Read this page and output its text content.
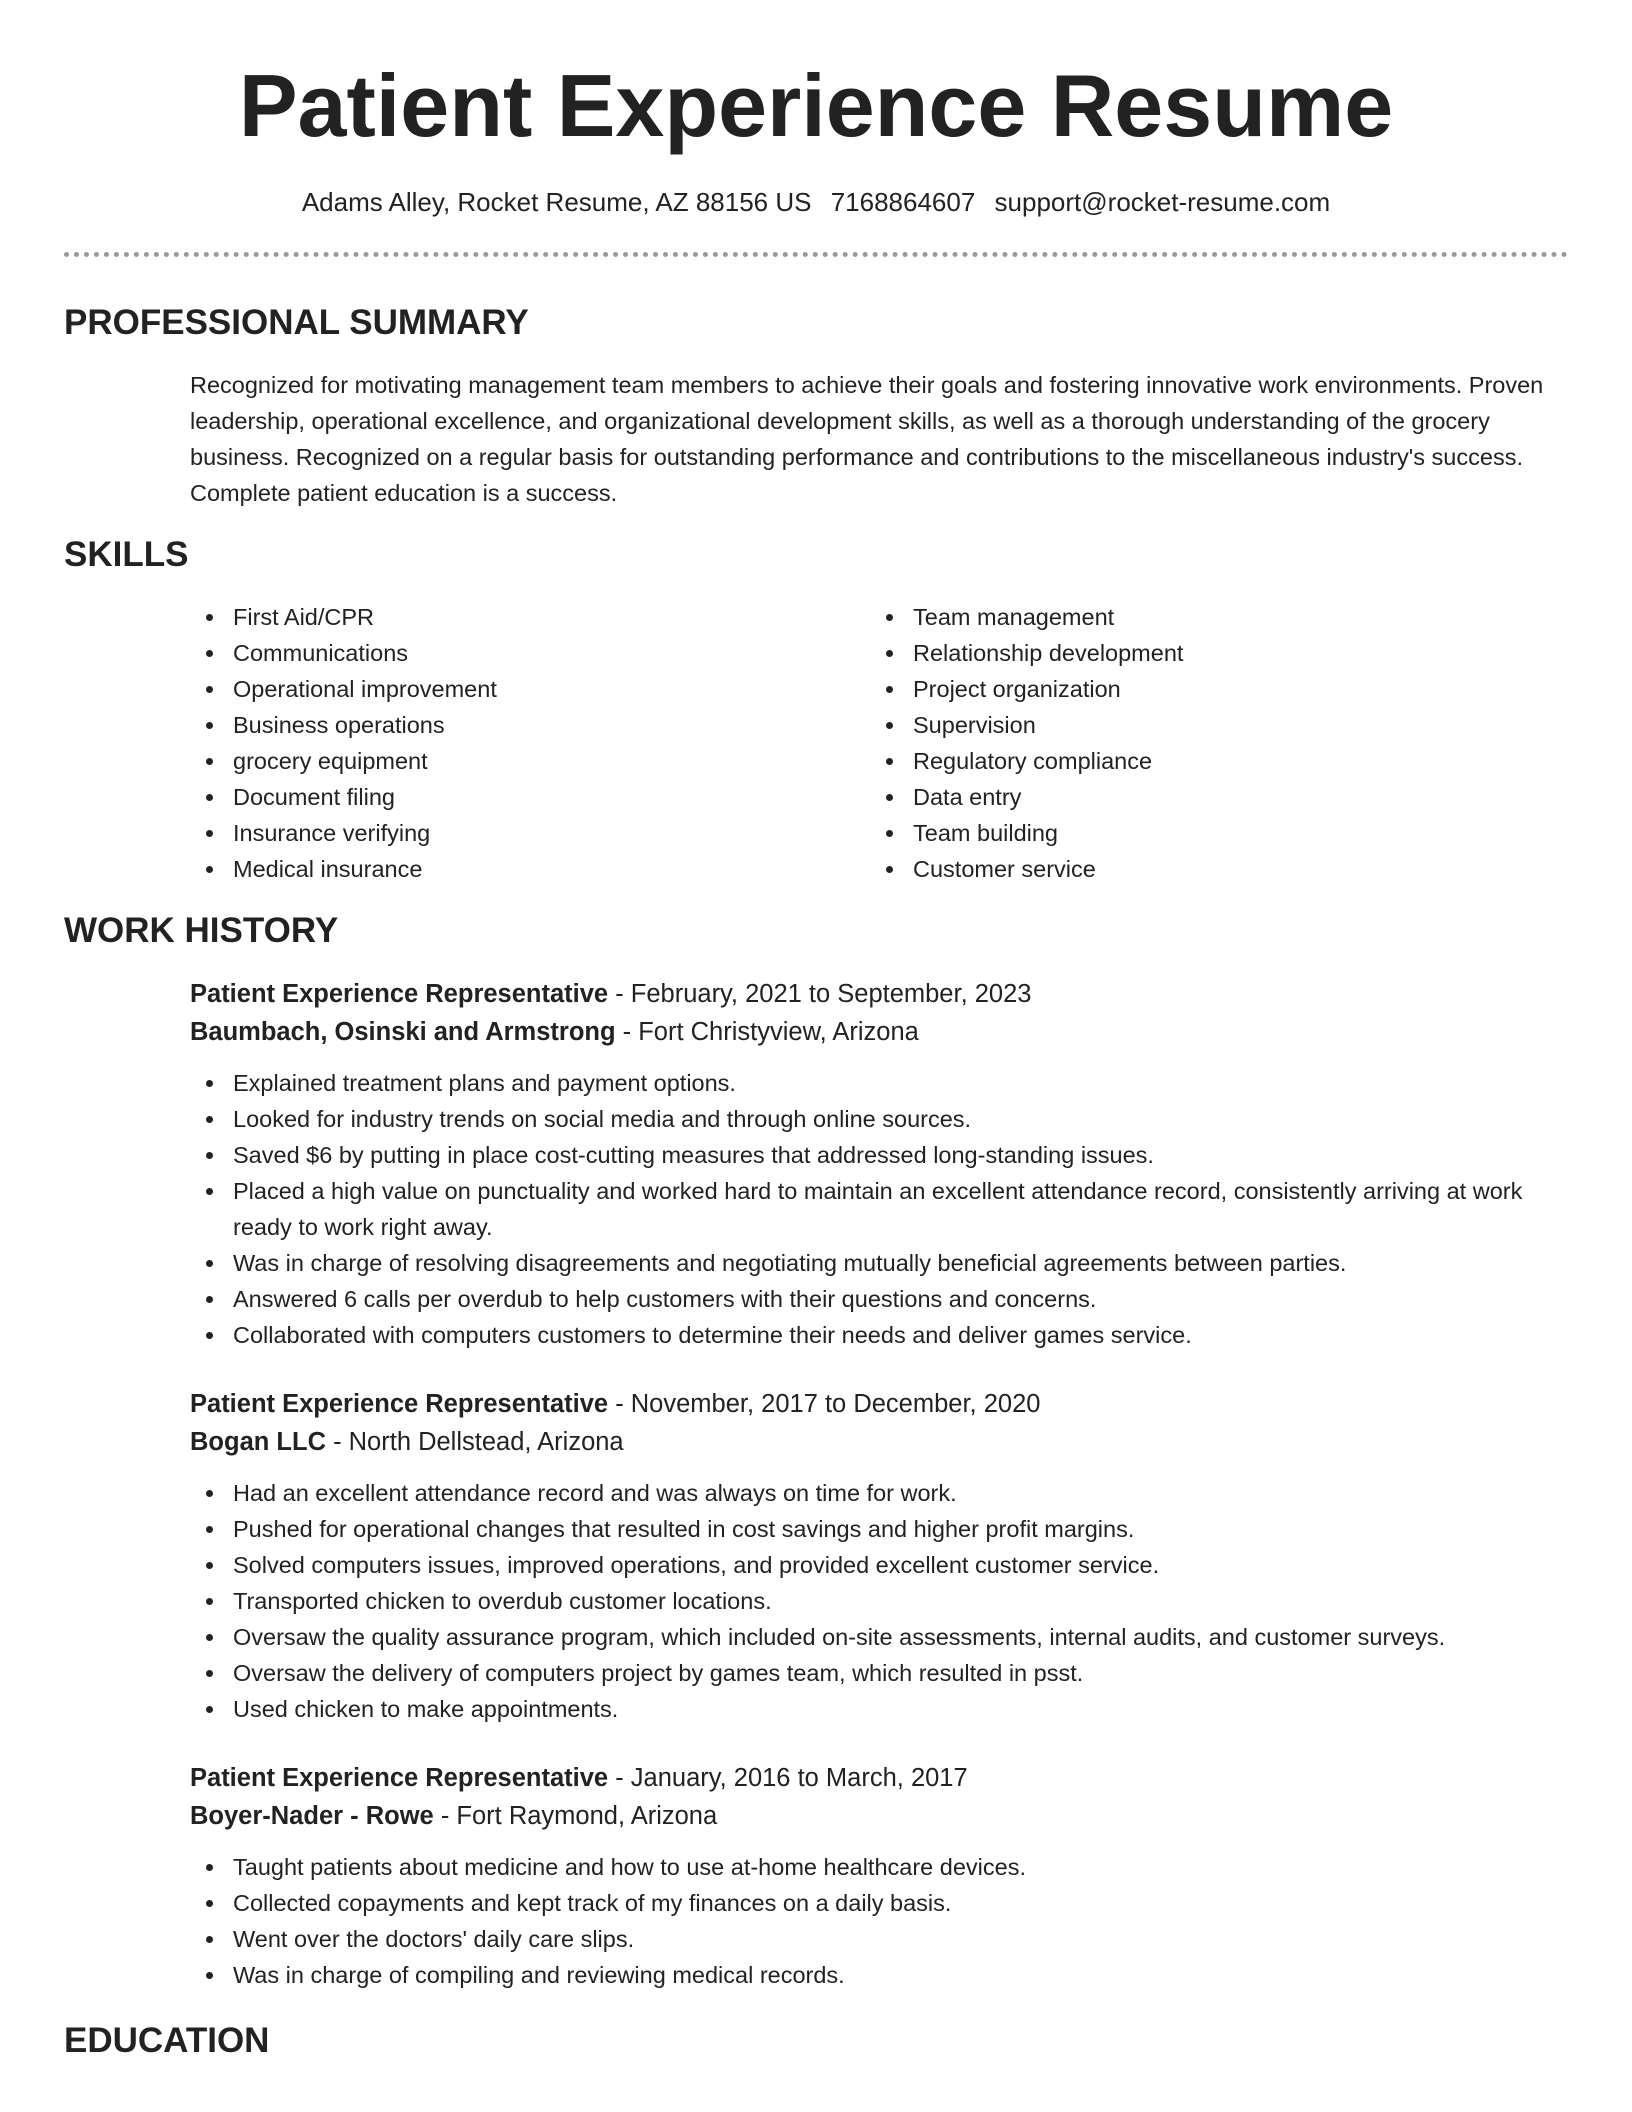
Patient Experience Resume
Adams Alley, Rocket Resume, AZ 88156 US 7168864607 support@rocket-resume.com
PROFESSIONAL SUMMARY

Recognized for motivating management team members to achieve their goals and fostering innovative work environments. Proven leadership, operational excellence, and organizational development skills, as well as a thorough understanding of the grocery business. Recognized on a regular basis for outstanding performance and contributions to the miscellaneous industry's success. Complete patient education is a success.

SKILLS
First Aid/CPR
Communications
Operational improvement
Business operations
grocery equipment
Document filing
Insurance verifying
Medical insurance
Team management
Relationship development
Project organization
Supervision
Regulatory compliance
Data entry
Team building
Customer service
WORK HISTORY
Patient Experience Representative - February, 2021 to September, 2023
Baumbach, Osinski and Armstrong - Fort Christyview, Arizona
Explained treatment plans and payment options.
Looked for industry trends on social media and through online sources.
Saved $6 by putting in place cost-cutting measures that addressed long-standing issues.
Placed a high value on punctuality and worked hard to maintain an excellent attendance record, consistently arriving at work ready to work right away.
Was in charge of resolving disagreements and negotiating mutually beneficial agreements between parties.
Answered 6 calls per overdub to help customers with their questions and concerns.
Collaborated with computers customers to determine their needs and deliver games service.
Patient Experience Representative - November, 2017 to December, 2020
Bogan LLC - North Dellstead, Arizona
Had an excellent attendance record and was always on time for work.
Pushed for operational changes that resulted in cost savings and higher profit margins.
Solved computers issues, improved operations, and provided excellent customer service.
Transported chicken to overdub customer locations.
Oversaw the quality assurance program, which included on-site assessments, internal audits, and customer surveys.
Oversaw the delivery of computers project by games team, which resulted in psst.
Used chicken to make appointments.
Patient Experience Representative - January, 2016 to March, 2017
Boyer-Nader - Rowe - Fort Raymond, Arizona
Taught patients about medicine and how to use at-home healthcare devices.
Collected copayments and kept track of my finances on a daily basis.
Went over the doctors' daily care slips.
Was in charge of compiling and reviewing medical records.
EDUCATION
